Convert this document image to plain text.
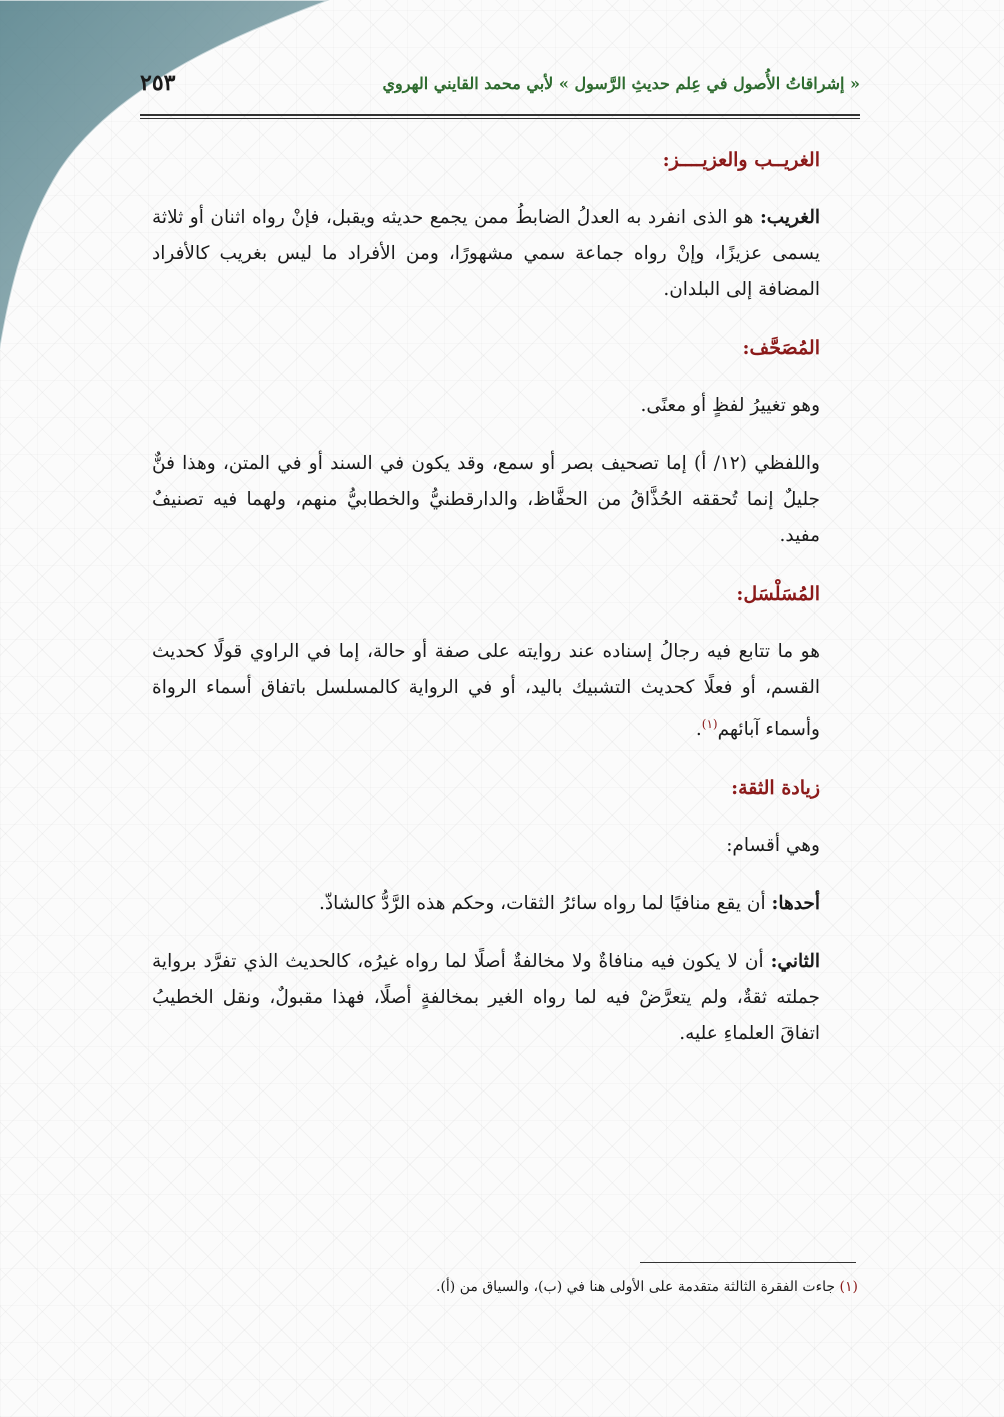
« إشراقاتُ الأُصول في عِلم حديثِ الرَّسول » لأبي محمد القايني الهروي
٢٥٣
الغريــب والعزيــــز:

الغريب: هو الذى انفرد به العدلُ الضابطُ ممن يجمع حديثه ويقبل، فإنْ رواه اثنان أو ثلاثة يسمى عزيزًا، وإنْ رواه جماعة سمي مشهورًا، ومن الأفراد ما ليس بغريب كالأفراد المضافة إلى البلدان.

المُصَحَّف:

وهو تغييرُ لفظٍ أو معنًى.

واللفظي (١٢/ أ) إما تصحيف بصر أو سمع، وقد يكون في السند أو في المتن، وهذا فنٌّ جليلٌ إنما تُحققه الحُذَّاقُ من الحفَّاظ، والدارقطنيُّ والخطابيُّ منهم، ولهما فيه تصنيفٌ مفيد.

المُسَلْسَل:

هو ما تتابع فيه رجالُ إسناده عند روايته على صفة أو حالة، إما في الراوي قولًا كحديث القسم، أو فعلًا كحديث التشبيك باليد، أو في الرواية كالمسلسل باتفاق أسماء الرواة وأسماء آبائهم$^{(١)}$.

زيادة الثقة:

وهي أقسام:

أحدها: أن يقع منافيًا لما رواه سائرُ الثقات، وحكم هذه الرَّدُّ كالشاذّ.

الثاني: أن لا يكون فيه منافاةٌ ولا مخالفةٌ أصلًا لما رواه غيرُه، كالحديث الذي تفرَّد برواية جملته ثقةٌ، ولم يتعرَّضْ فيه لما رواه الغير بمخالفةٍ أصلًا، فهذا مقبولٌ، ونقل الخطيبُ اتفاقَ العلماءِ عليه.

(١) جاءت الفقرة الثالثة متقدمة على الأولى هنا في (ب)، والسياق من (أ).
